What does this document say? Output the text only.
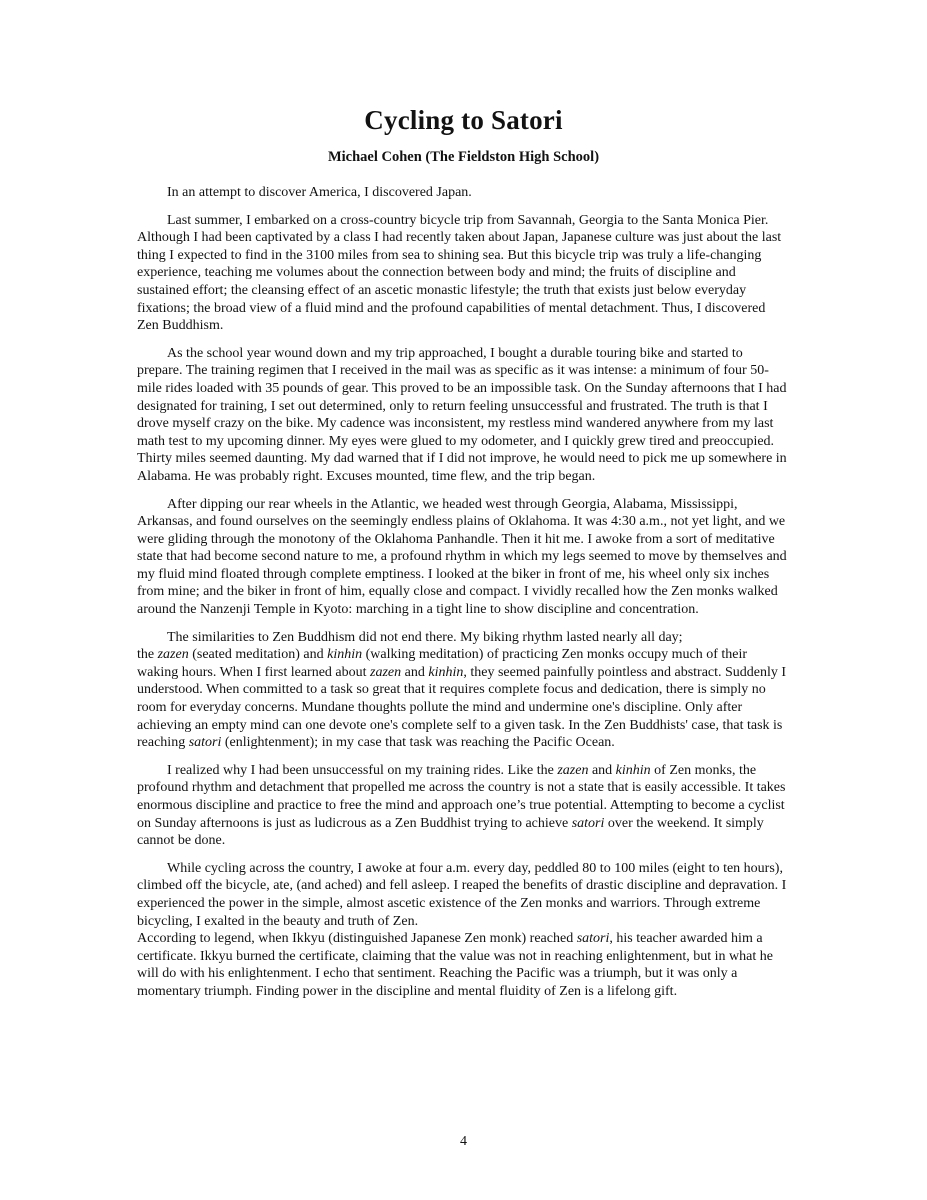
Cycling to Satori
Michael Cohen (The Fieldston High School)

In an attempt to discover America, I discovered Japan.

Last summer, I embarked on a cross-country bicycle trip from Savannah, Georgia to the Santa Monica Pier. Although I had been captivated by a class I had recently taken about Japan, Japanese culture was just about the last thing I expected to find in the 3100 miles from sea to shining sea. But this bicycle trip was truly a life-changing experience, teaching me volumes about the connection between body and mind; the fruits of discipline and sustained effort; the cleansing effect of an ascetic monastic lifestyle; the truth that exists just below everyday fixations; the broad view of a fluid mind and the profound capabilities of mental detachment. Thus, I discovered Zen Buddhism.

As the school year wound down and my trip approached, I bought a durable touring bike and started to prepare. The training regimen that I received in the mail was as specific as it was intense: a minimum of four 50-mile rides loaded with 35 pounds of gear. This proved to be an impossible task. On the Sunday afternoons that I had designated for training, I set out determined, only to return feeling unsuccessful and frustrated. The truth is that I drove myself crazy on the bike. My cadence was inconsistent, my restless mind wandered anywhere from my last math test to my upcoming dinner. My eyes were glued to my odometer, and I quickly grew tired and preoccupied. Thirty miles seemed daunting. My dad warned that if I did not improve, he would need to pick me up somewhere in Alabama. He was probably right. Excuses mounted, time flew, and the trip began.

After dipping our rear wheels in the Atlantic, we headed west through Georgia, Alabama, Mississippi, Arkansas, and found ourselves on the seemingly endless plains of Oklahoma. It was 4:30 a.m., not yet light, and we were gliding through the monotony of the Oklahoma Panhandle. Then it hit me. I awoke from a sort of meditative state that had become second nature to me, a profound rhythm in which my legs seemed to move by themselves and my fluid mind floated through complete emptiness. I looked at the biker in front of me, his wheel only six inches from mine; and the biker in front of him, equally close and compact. I vividly recalled how the Zen monks walked around the Nanzenji Temple in Kyoto: marching in a tight line to show discipline and concentration.

The similarities to Zen Buddhism did not end there. My biking rhythm lasted nearly all day;
the zazen (seated meditation) and kinhin (walking meditation) of practicing Zen monks occupy much of their waking hours. When I first learned about zazen and kinhin, they seemed painfully pointless and abstract. Suddenly I understood. When committed to a task so great that it requires complete focus and dedication, there is simply no room for everyday concerns. Mundane thoughts pollute the mind and undermine one's discipline. Only after achieving an empty mind can one devote one's complete self to a given task. In the Zen Buddhists' case, that task is reaching satori (enlightenment); in my case that task was reaching the Pacific Ocean.

I realized why I had been unsuccessful on my training rides. Like the zazen and kinhin of Zen monks, the profound rhythm and detachment that propelled me across the country is not a state that is easily accessible. It takes enormous discipline and practice to free the mind and approach one’s true potential. Attempting to become a cyclist on Sunday afternoons is just as ludicrous as a Zen Buddhist trying to achieve satori over the weekend. It simply cannot be done.

While cycling across the country, I awoke at four a.m. every day, peddled 80 to 100 miles (eight to ten hours), climbed off the bicycle, ate, (and ached) and fell asleep. I reaped the benefits of drastic discipline and depravation. I experienced the power in the simple, almost ascetic existence of the Zen monks and warriors. Through extreme bicycling, I exalted in the beauty and truth of Zen.
According to legend, when Ikkyu (distinguished Japanese Zen monk) reached satori, his teacher awarded him a certificate. Ikkyu burned the certificate, claiming that the value was not in reaching enlightenment, but in what he will do with his enlightenment. I echo that sentiment. Reaching the Pacific was a triumph, but it was only a momentary triumph. Finding power in the discipline and mental fluidity of Zen is a lifelong gift.

4
